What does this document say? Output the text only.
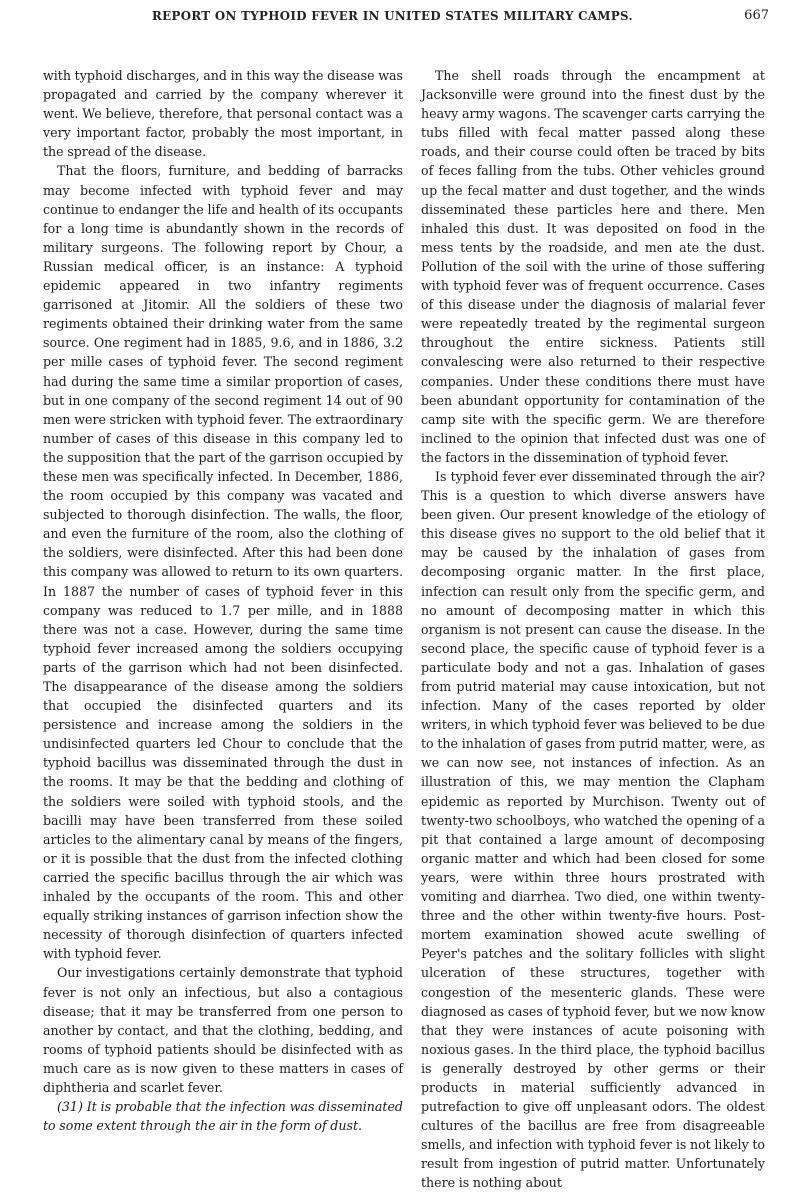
REPORT ON TYPHOID FEVER IN UNITED STATES MILITARY CAMPS.	667

with typhoid discharges, and in this way the disease was propagated and carried by the company wherever it went. We believe, therefore, that personal contact was a very important factor, probably the most important, in the spread of the disease.

That the floors, furniture, and bedding of barracks may become infected with typhoid fever and may continue to endanger the life and health of its occupants for a long time is abundantly shown in the records of military surgeons. The following report by Chour, a Russian medical officer, is an instance: A typhoid epidemic appeared in two infantry regiments garrisoned at Jitomir. All the soldiers of these two regiments obtained their drinking water from the same source. One regiment had in 1885, 9.6, and in 1886, 3.2 per mille cases of typhoid fever. The second regiment had during the same time a similar proportion of cases, but in one company of the second regiment 14 out of 90 men were stricken with typhoid fever. The extraordinary number of cases of this disease in this company led to the supposition that the part of the garrison occupied by these men was specifically infected. In December, 1886, the room occupied by this company was vacated and subjected to thorough disinfection. The walls, the floor, and even the furniture of the room, also the clothing of the soldiers, were disinfected. After this had been done this company was allowed to return to its own quarters. In 1887 the number of cases of typhoid fever in this company was reduced to 1.7 per mille, and in 1888 there was not a case. However, during the same time typhoid fever increased among the soldiers occupying parts of the garrison which had not been disinfected. The disappearance of the disease among the soldiers that occupied the disinfected quarters and its persistence and increase among the soldiers in the undisinfected quarters led Chour to conclude that the typhoid bacillus was disseminated through the dust in the rooms. It may be that the bedding and clothing of the soldiers were soiled with typhoid stools, and the bacilli may have been transferred from these soiled articles to the alimentary canal by means of the fingers, or it is possible that the dust from the infected clothing carried the specific bacillus through the air which was inhaled by the occupants of the room. This and other equally striking instances of garrison infection show the necessity of thorough disinfection of quarters infected with typhoid fever.

Our investigations certainly demonstrate that typhoid fever is not only an infectious, but also a contagious disease; that it may be transferred from one person to another by contact, and that the clothing, bedding, and rooms of typhoid patients should be disinfected with as much care as is now given to these matters in cases of diphtheria and scarlet fever.

(31) It is probable that the infection was disseminated to some extent through the air in the form of dust.

The shell roads through the encampment at Jacksonville were ground into the finest dust by the heavy army wagons. The scavenger carts carrying the tubs filled with fecal matter passed along these roads, and their course could often be traced by bits of feces falling from the tubs. Other vehicles ground up the fecal matter and dust together, and the winds disseminated these particles here and there. Men inhaled this dust. It was deposited on food in the mess tents by the roadside, and men ate the dust. Pollution of the soil with the urine of those suffering with typhoid fever was of frequent occurrence. Cases of this disease under the diagnosis of malarial fever were repeatedly treated by the regimental surgeon throughout the entire sickness. Patients still convalescing were also returned to their respective companies. Under these conditions there must have been abundant opportunity for contamination of the camp site with the specific germ. We are therefore inclined to the opinion that infected dust was one of the factors in the dissemination of typhoid fever.

Is typhoid fever ever disseminated through the air? This is a question to which diverse answers have been given. Our present knowledge of the etiology of this disease gives no support to the old belief that it may be caused by the inhalation of gases from decomposing organic matter. In the first place, infection can result only from the specific germ, and no amount of decomposing matter in which this organism is not present can cause the disease. In the second place, the specific cause of typhoid fever is a particulate body and not a gas. Inhalation of gases from putrid material may cause intoxication, but not infection. Many of the cases reported by older writers, in which typhoid fever was believed to be due to the inhalation of gases from putrid matter, were, as we can now see, not instances of infection. As an illustration of this, we may mention the Clapham epidemic as reported by Murchison. Twenty out of twenty-two schoolboys, who watched the opening of a pit that contained a large amount of decomposing organic matter and which had been closed for some years, were within three hours prostrated with vomiting and diarrhea. Two died, one within twenty-three and the other within twenty-five hours. Post-mortem examination showed acute swelling of Peyer's patches and the solitary follicles with slight ulceration of these structures, together with congestion of the mesenteric glands. These were diagnosed as cases of typhoid fever, but we now know that they were instances of acute poisoning with noxious gases. In the third place, the typhoid bacillus is generally destroyed by other germs or their products in material sufficiently advanced in putrefaction to give off unpleasant odors. The oldest cultures of the bacillus are free from disagreeable smells, and infection with typhoid fever is not likely to result from ingestion of putrid matter. Unfortunately there is nothing about
